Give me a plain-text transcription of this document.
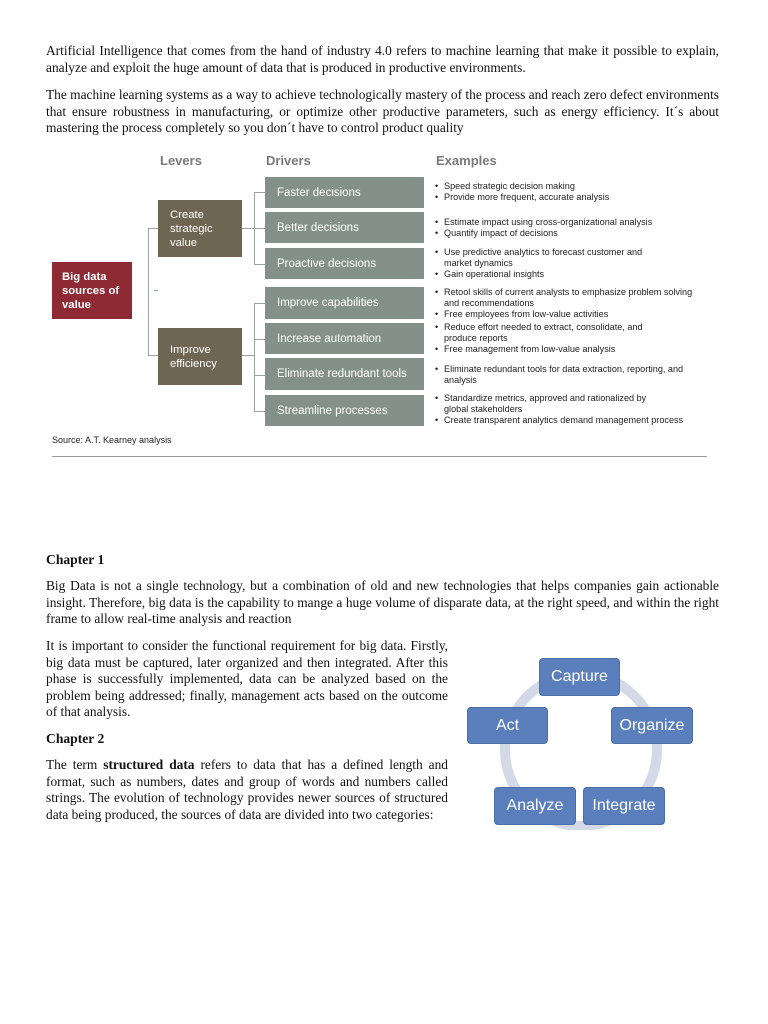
Artificial Intelligence that comes from the hand of industry 4.0 refers to machine learning that make it possible to explain, analyze and exploit the huge amount of data that is produced in productive environments.

The machine learning systems as a way to achieve technologically mastery of the process and reach zero defect environments that ensure robustness in manufacturing, or optimize other productive parameters, such as energy efficiency. It´s about mastering the process completely so you don´t have to control product quality

Levers	Drivers	Examples
Big data sources of value
Create strategic value
Improve efficiency
Faster decisions
Better decisions
Proactive decisions
Improve capabilities
Increase automation
Eliminate redundant tools
Streamline processes
• Speed strategic decision making
• Provide more frequent, accurate analysis
• Estimate impact using cross-organizational analysis
• Quantify impact of decisions
• Use predictive analytics to forecast customer and market dynamics
• Gain operational insights
• Retool skills of current analysts to emphasize problem solving and recommendations
• Free employees from low-value activities
• Reduce effort needed to extract, consolidate, and produce reports
• Free management from low-value analysis
• Eliminate redundant tools for data extraction, reporting, and analysis
• Standardize metrics, approved and rationalized by global stakeholders
• Create transparent analytics demand management process
Source: A.T. Kearney analysis
Chapter 1

Big Data is not a single technology, but a combination of old and new technologies that helps companies gain actionable insight. Therefore, big data is the capability to mange a huge volume of disparate data, at the right speed, and within the right frame to allow real-time analysis and reaction

It is important to consider the functional requirement for big data. Firstly, big data must be captured, later organized and then integrated. After this phase is successfully implemented, data can be analyzed based on the problem being addressed; finally, management acts based on the outcome of that analysis.

Chapter 2

The term structured data refers to data that has a defined length and format, such as numbers, dates and group of words and numbers called strings. The evolution of technology provides newer sources of structured data being produced, the sources of data are divided into two categories:

Capture
Organize
Integrate
Analyze
Act
